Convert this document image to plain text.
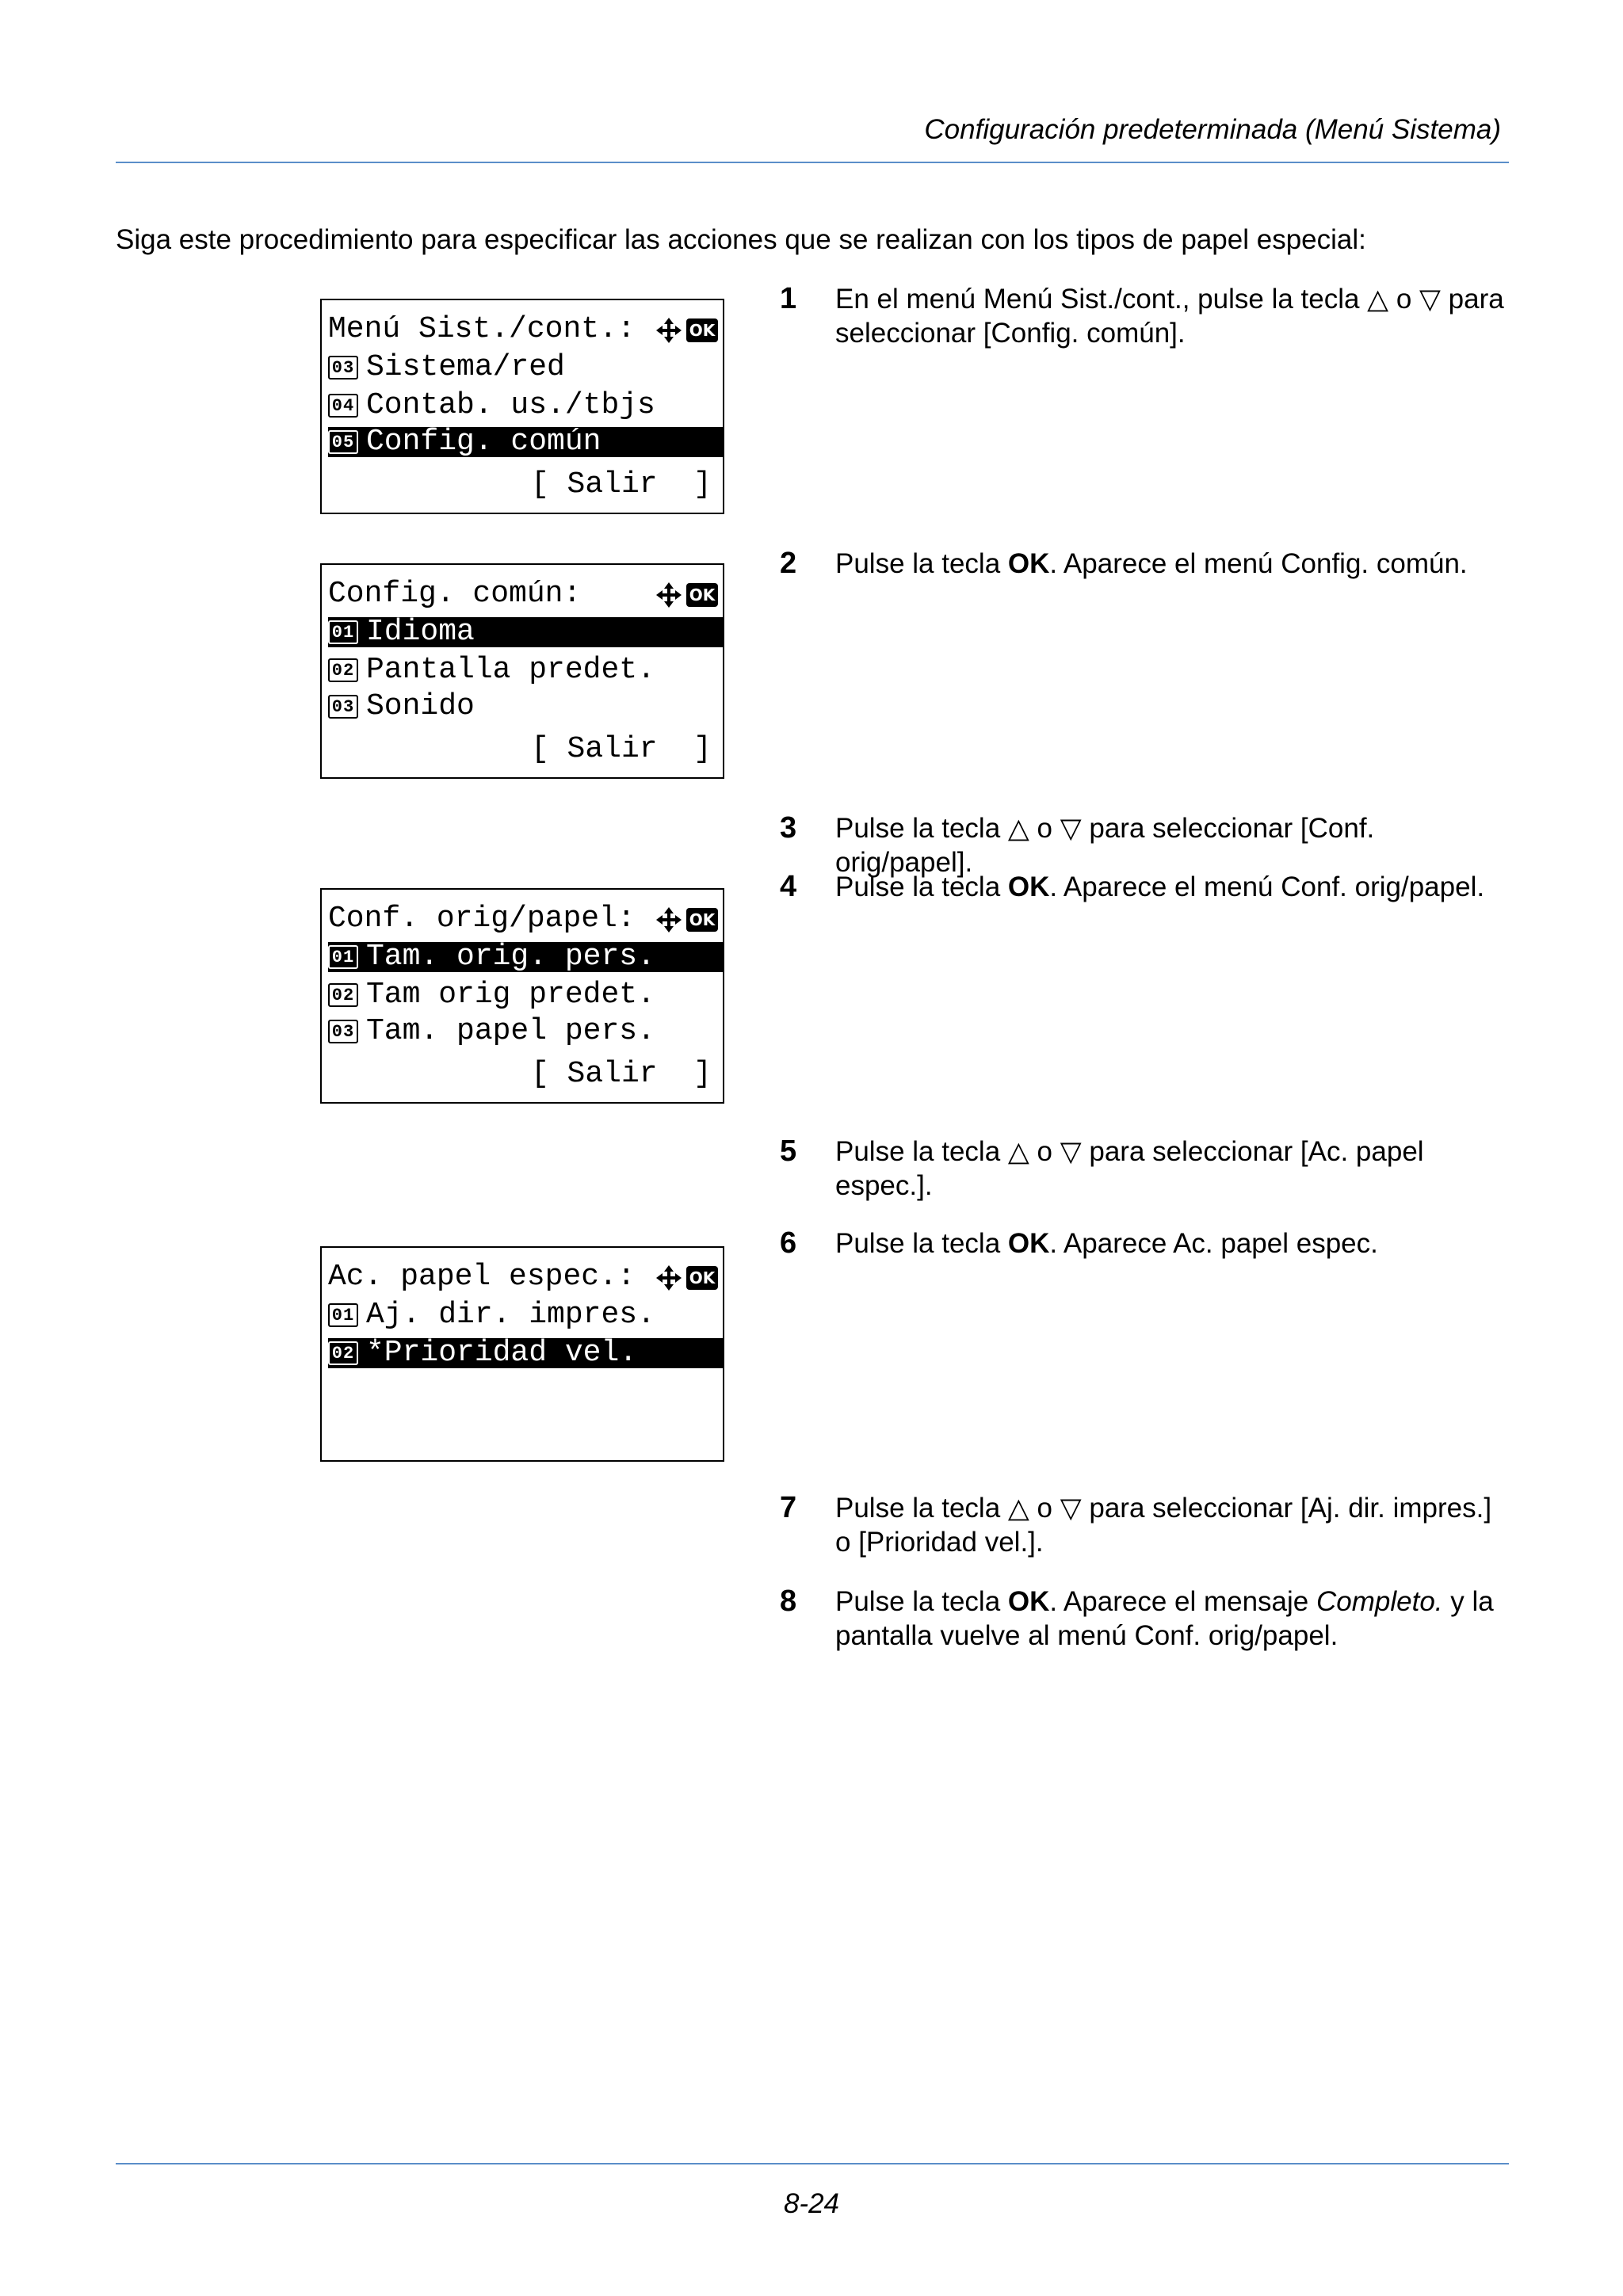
Configuración predeterminada (Menú Sistema)
Siga este procedimiento para especificar las acciones que se realizan con los tipos de papel especial:
Menú Sist./cont.:	OK
03 Sistema/red
04 Contab. us./tbjs
05 Config. común
[ Salir  ]
Config. común:	OK
01 Idioma
02 Pantalla predet.
03 Sonido
[ Salir  ]
Conf. orig/papel:	OK
01 Tam. orig. pers.
02 Tam orig predet.
03 Tam. papel pers.
[ Salir  ]
Ac. papel espec.:	OK
01 Aj. dir. impres.
02 *Prioridad vel.
1 En el menú Menú Sist./cont., pulse la tecla △ o ▽ para seleccionar [Config. común].
2 Pulse la tecla OK. Aparece el menú Config. común.
3 Pulse la tecla △ o ▽ para seleccionar [Conf. orig/papel].
4 Pulse la tecla OK. Aparece el menú Conf. orig/papel.
5 Pulse la tecla △ o ▽ para seleccionar [Ac. papel espec.].
6 Pulse la tecla OK. Aparece Ac. papel espec.
7 Pulse la tecla △ o ▽ para seleccionar [Aj. dir. impres.] o [Prioridad vel.].
8 Pulse la tecla OK. Aparece el mensaje Completo. y la pantalla vuelve al menú Conf. orig/papel.
8-24
